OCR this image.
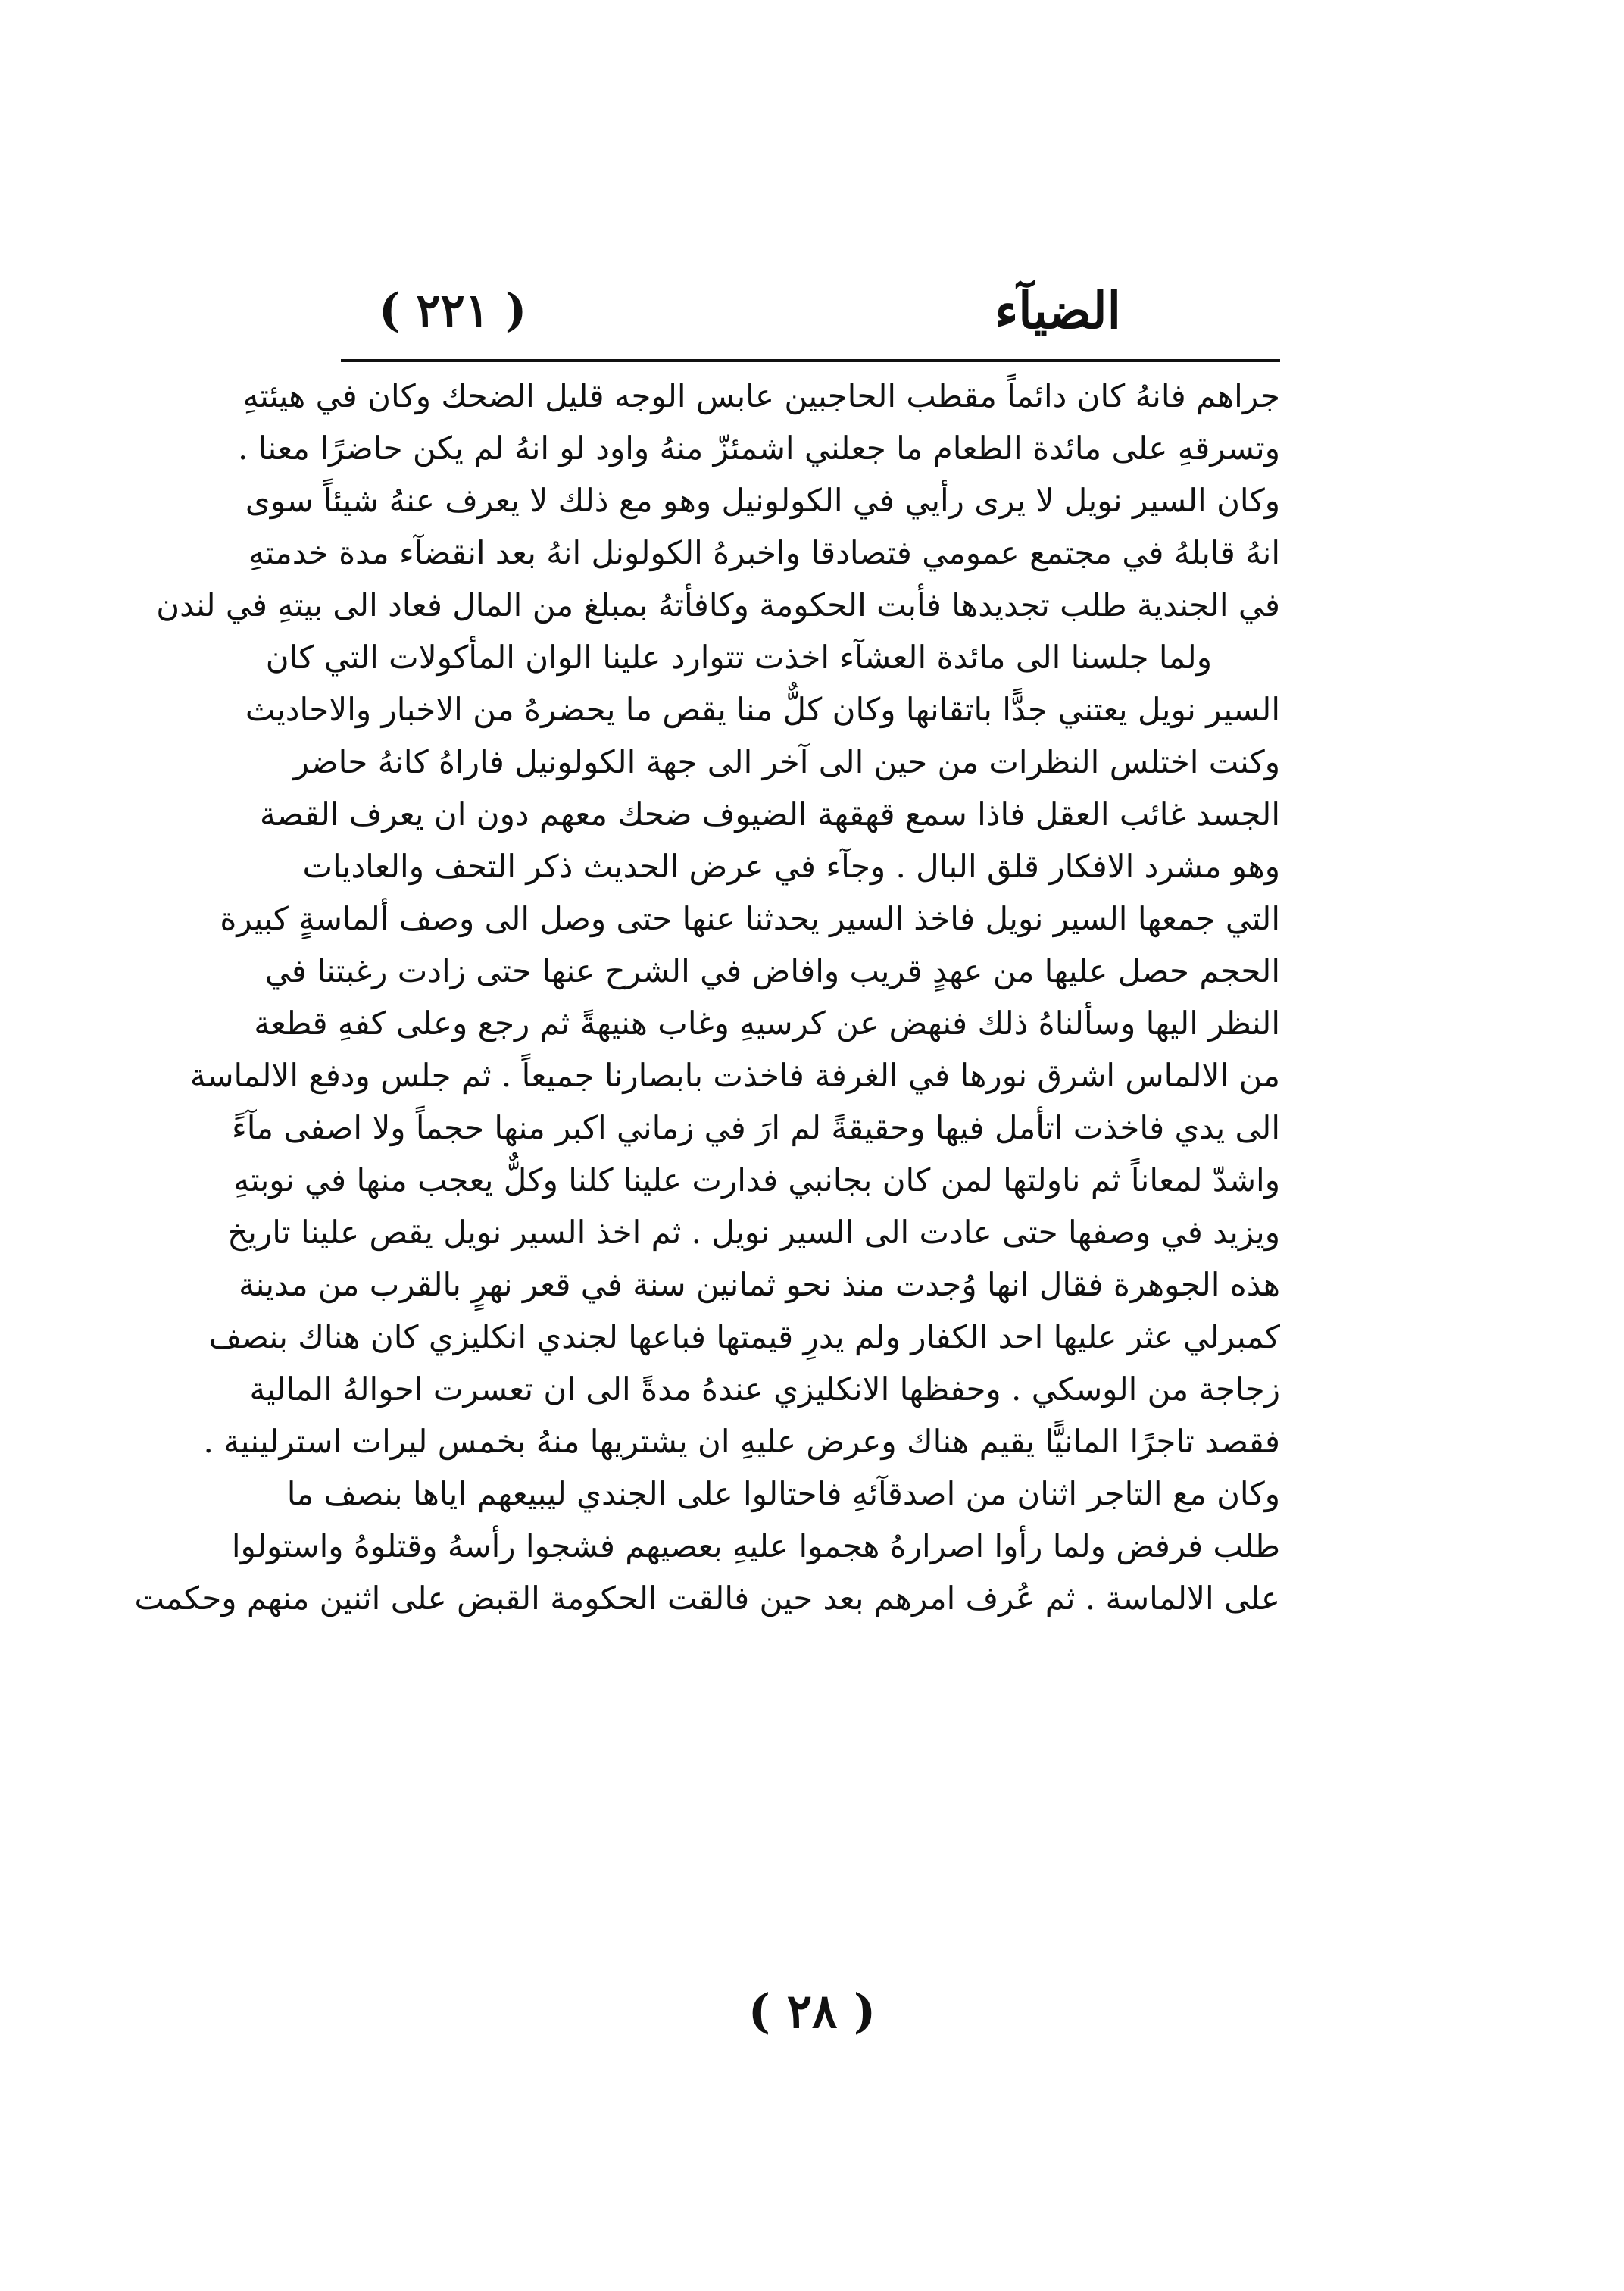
الضيآء
( ٢٢١ )
جراهم فانهُ كان دائماً مقطب الحاجبين عابس الوجه قليل الضحك وكان في هيئتهِ
وتسرقهِ على مائدة الطعام ما جعلني اشمئزّ منهُ واود لو انهُ لم يكن حاضرًا معنا .
وكان السير نويل لا يرى رأيي في الكولونيل وهو مع ذلك لا يعرف عنهُ شيئاً سوى
انهُ قابلهُ في مجتمع عمومي فتصادقا واخبرهُ الكولونل انهُ بعد انقضآء مدة خدمتهِ
في الجندية طلب تجديدها فأبت الحكومة وكافأتهُ بمبلغ من المال فعاد الى بيتهِ في لندن
ولما جلسنا الى مائدة العشآء اخذت تتوارد علينا الوان المأكولات التي كان
السير نويل يعتني جدًّا باتقانها وكان كلٌّ منا يقص ما يحضرهُ من الاخبار والاحاديث
وكنت اختلس النظرات من حين الى آخر الى جهة الكولونيل فاراهُ كانهُ حاضر
الجسد غائب العقل فاذا سمع قهقهة الضيوف ضحك معهم دون ان يعرف القصة
وهو مشرد الافكار قلق البال . وجآء في عرض الحديث ذكر التحف والعاديات
التي جمعها السير نويل فاخذ السير يحدثنا عنها حتى وصل الى وصف ألماسةٍ كبيرة
الحجم حصل عليها من عهدٍ قريب وافاض في الشرح عنها حتى زادت رغبتنا في
النظر اليها وسألناهُ ذلك فنهض عن كرسيهِ وغاب هنيهةً ثم رجع وعلى كفهِ قطعة
من الالماس اشرق نورها في الغرفة فاخذت بابصارنا جميعاً . ثم جلس ودفع الالماسة
الى يدي فاخذت اتأمل فيها وحقيقةً لم ارَ في زماني اكبر منها حجماً ولا اصفى مآءً
واشدّ لمعاناً ثم ناولتها لمن كان بجانبي فدارت علينا كلنا وكلٌّ يعجب منها في نوبتهِ
ويزيد في وصفها حتى عادت الى السير نويل . ثم اخذ السير نويل يقص علينا تاريخ
هذه الجوهرة فقال انها وُجدت منذ نحو ثمانين سنة في قعر نهرٍ بالقرب من مدينة
كمبرلي عثر عليها احد الكفار ولم يدرِ قيمتها فباعها لجندي انكليزي كان هناك بنصف
زجاجة من الوسكي . وحفظها الانكليزي عندهُ مدةً الى ان تعسرت احوالهُ المالية
فقصد تاجرًا المانيًّا يقيم هناك وعرض عليهِ ان يشتريها منهُ بخمس ليرات استرلينية .
وكان مع التاجر اثنان من اصدقآئهِ فاحتالوا على الجندي ليبيعهم اياها بنصف ما
طلب فرفض ولما رأوا اصرارهُ هجموا عليهِ بعصيهم فشجوا رأسهُ وقتلوهُ واستولوا
على الالماسة . ثم عُرف امرهم بعد حين فالقت الحكومة القبض على اثنين منهم وحكمت
( ٢٨ )
